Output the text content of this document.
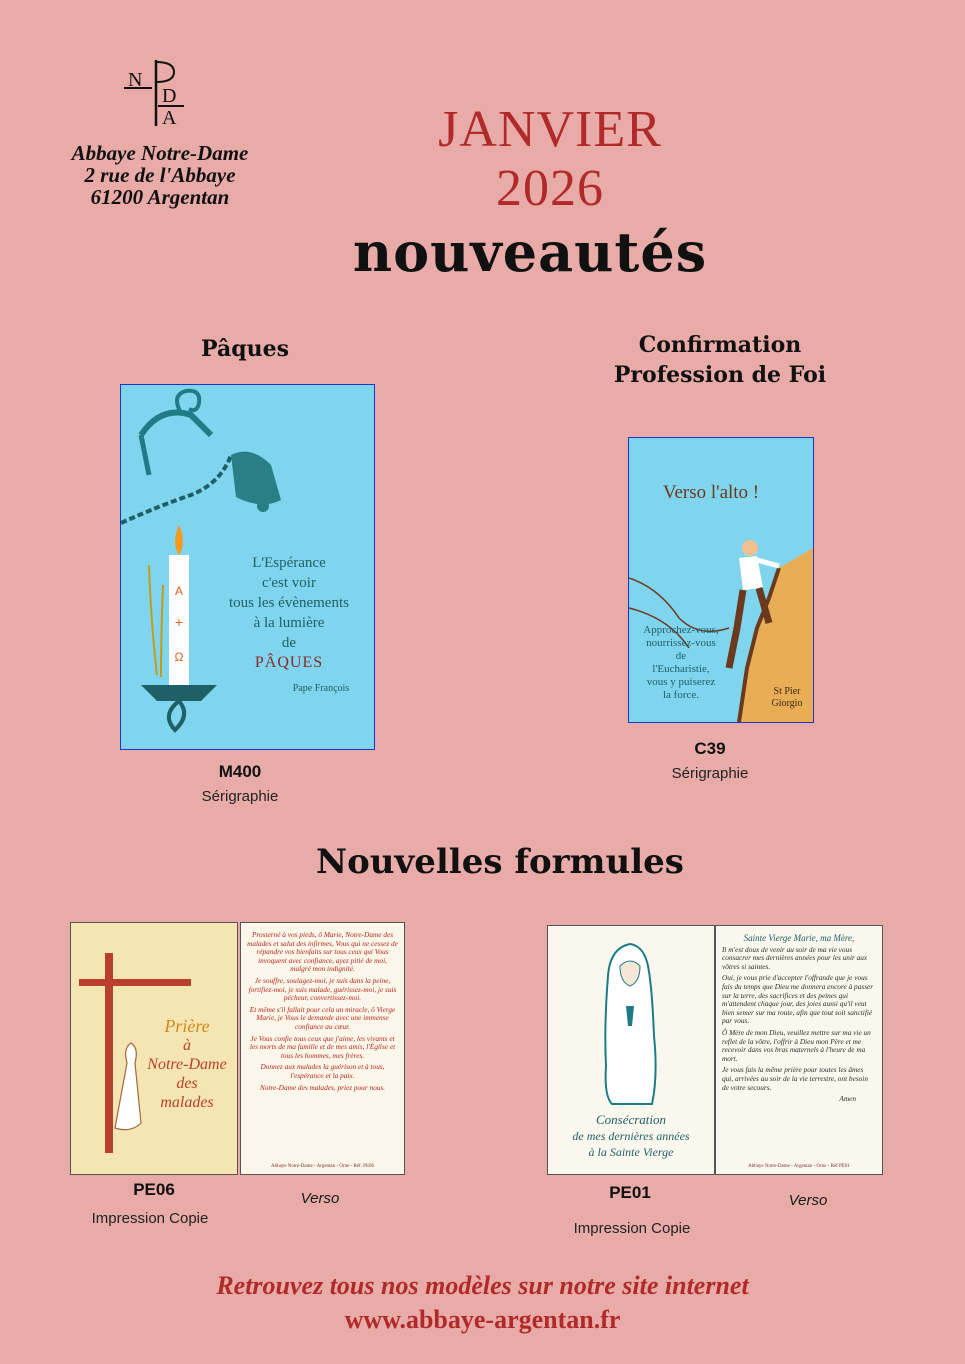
N
D
A
Abbaye Notre-Dame
2 rue de l'Abbaye
61200 Argentan
JANVIER 2026
nouveautés
Pâques
A
+
Ω
L'Espérance
c'est voir
tous les évènements
à la lumière
de
PÂQUES
Pape François
M400
Sérigraphie
Confirmation
Profession de Foi
Verso l'alto !
Approchez-vous,
nourrissez-vous
de
l'Eucharistie,
vous y puiserez
la force.	St Pier
Giorgio
C39
Sérigraphie
Nouvelles formules
Prière
à
Notre-Dame
des
malades

Prosterné à vos pieds, ô Marie, Notre-Dame des malades et salut des infirmes, Vous qui ne cessez de répandre vos bienfaits sur tous ceux qui Vous invoquent avec confiance, ayez pitié de moi, malgré mon indignité.

Je souffre, soulagez-moi, je suis dans la peine, fortifiez-moi, je suis malade, guérissez-moi, je suis pécheur, convertissez-moi.

Et même s'il fallait pour cela un miracle, ô Vierge Marie, je Vous le demande avec une immense confiance au cœur.

Je Vous confie tous ceux que j'aime, les vivants et les morts de ma famille et de mes amis, l'Église et tous les hommes, mes frères.

Donnez aux malades la guérison et à tous, l'espérance et la paix.

Notre-Dame des malades, priez pour nous.

Abbaye Notre-Dame - Argentan - Orne - Réf. PE06
PE06
Impression Copie
Verso
Consécration
de mes dernières années
à la Sainte Vierge

Sainte Vierge Marie, ma Mère,

Il m'est doux de venir au soir de ma vie vous consacrer mes dernières années pour les unir aux vôtres si saintes.

Oui, je vous prie d'accepter l'offrande que je vous fais du temps que Dieu me donnera encore à passer sur la terre, des sacrifices et des peines qui m'attendent chaque jour, des joies aussi qu'il veut bien semer sur ma route, afin que tout soit sanctifié par vous.

Ô Mère de mon Dieu, veuillez mettre sur ma vie un reflet de la vôtre, l'offrir à Dieu mon Père et me recevoir dans vos bras maternels à l'heure de ma mort.

Je vous fais la même prière pour toutes les âmes qui, arrivées au soir de la vie terrestre, ont besoin de votre secours.

Amen

Abbaye Notre-Dame - Argentan - Orne - Réf PE01
PE01
Impression Copie
Verso
Retrouvez tous nos modèles sur notre site internet
www.abbaye-argentan.fr
